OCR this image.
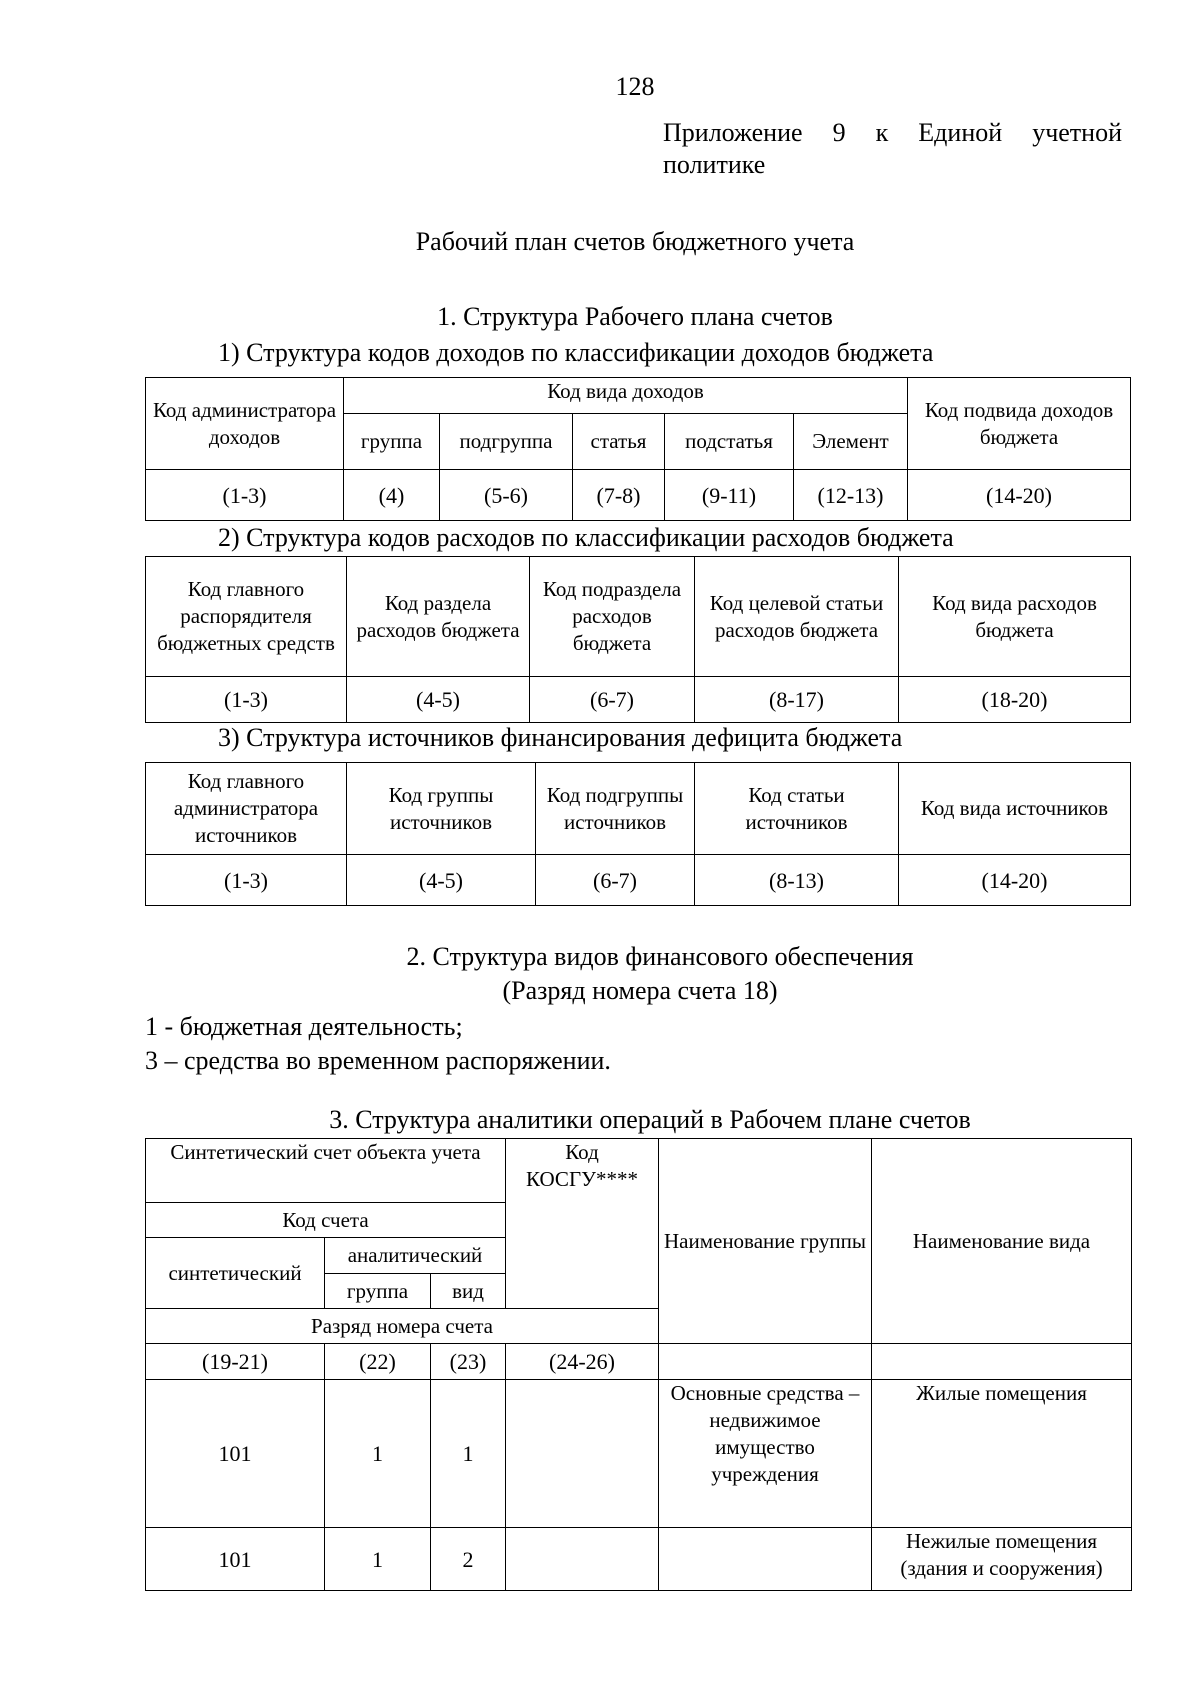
128
Приложение 9 к Единой учетной
политике
Рабочий план счетов бюджетного учета
1. Структура Рабочего плана счетов
1) Структура кодов доходов по классификации доходов бюджета
Код администратора доходов	Код вида доходов					Код подвида доходов бюджета
	группа	подгруппа	статья	подстатья	Элемент	
(1-3)	(4)	(5-6)	(7-8)	(9-11)	(12-13)	(14-20)
2) Структура кодов расходов по классификации расходов бюджета
Код главного распорядителя бюджетных средств	Код раздела расходов бюджета	Код подраздела расходов бюджета	Код целевой статьи расходов бюджета	Код вида расходов бюджета
(1-3)	(4-5)	(6-7)	(8-17)	(18-20)
3) Структура источников финансирования дефицита бюджета
Код главного администратора источников	Код группы источников	Код подгруппы источников	Код статьи источников	Код вида источников
(1-3)	(4-5)	(6-7)	(8-13)	(14-20)
2. Структура видов финансового обеспечения
(Разряд номера счета 18)
1 - бюджетная деятельность;
3 – средства во временном распоряжении.
3. Структура аналитики операций в Рабочем плане счетов
Синтетический счет объекта учета			Код КОСГУ****	Наименование группы	Наименование вида
Код счета					
синтетический	аналитический				
	группа	вид			
Разряд номера счета					
(19-21)	(22)	(23)	(24-26)		
101	1	1		Основные средства – недвижимое имущество учреждения	Жилые помещения
101	1	2			Нежилые помещения (здания и сооружения)
